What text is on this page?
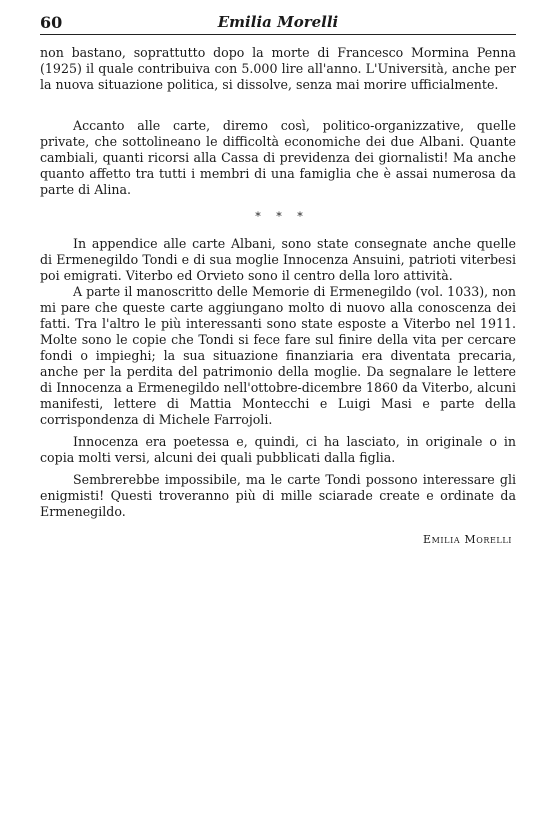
60	Emilia Morelli

non bastano, soprattutto dopo la morte di Francesco Mormina Penna (1925) il quale contribuiva con 5.000 lire all'anno. L'Università, anche per la nuova situazione politica, si dissolve, senza mai morire ufficialmente.

Accanto alle carte, diremo così, politico-organizzative, quelle private, che sottolineano le difficoltà economiche dei due Albani. Quante cambiali, quanti ricorsi alla Cassa di previdenza dei giornalisti! Ma anche quanto affetto tra tutti i membri di una famiglia che è assai numerosa da parte di Alina.

* * *

In appendice alle carte Albani, sono state consegnate anche quelle di Ermenegildo Tondi e di sua moglie Innocenza Ansuini, patrioti viterbesi poi emigrati. Viterbo ed Orvieto sono il centro della loro attività.

A parte il manoscritto delle Memorie di Ermenegildo (vol. 1033), non mi pare che queste carte aggiungano molto di nuovo alla conoscenza dei fatti. Tra l'altro le più interessanti sono state esposte a Viterbo nel 1911. Molte sono le copie che Tondi si fece fare sul finire della vita per cercare fondi o impieghi; la sua situazione finanziaria era diventata precaria, anche per la perdita del patrimonio della moglie. Da segnalare le lettere di Innocenza a Ermenegildo nell'ottobre-dicembre 1860 da Viterbo, alcuni manifesti, lettere di Mattia Montecchi e Luigi Masi e parte della corrispondenza di Michele Farrojoli.

Innocenza era poetessa e, quindi, ci ha lasciato, in originale o in copia molti versi, alcuni dei quali pubblicati dalla figlia.

Sembrerebbe impossibile, ma le carte Tondi possono interessare gli enigmisti! Questi troveranno più di mille sciarade create e ordinate da Ermenegildo.

Emilia Morelli
